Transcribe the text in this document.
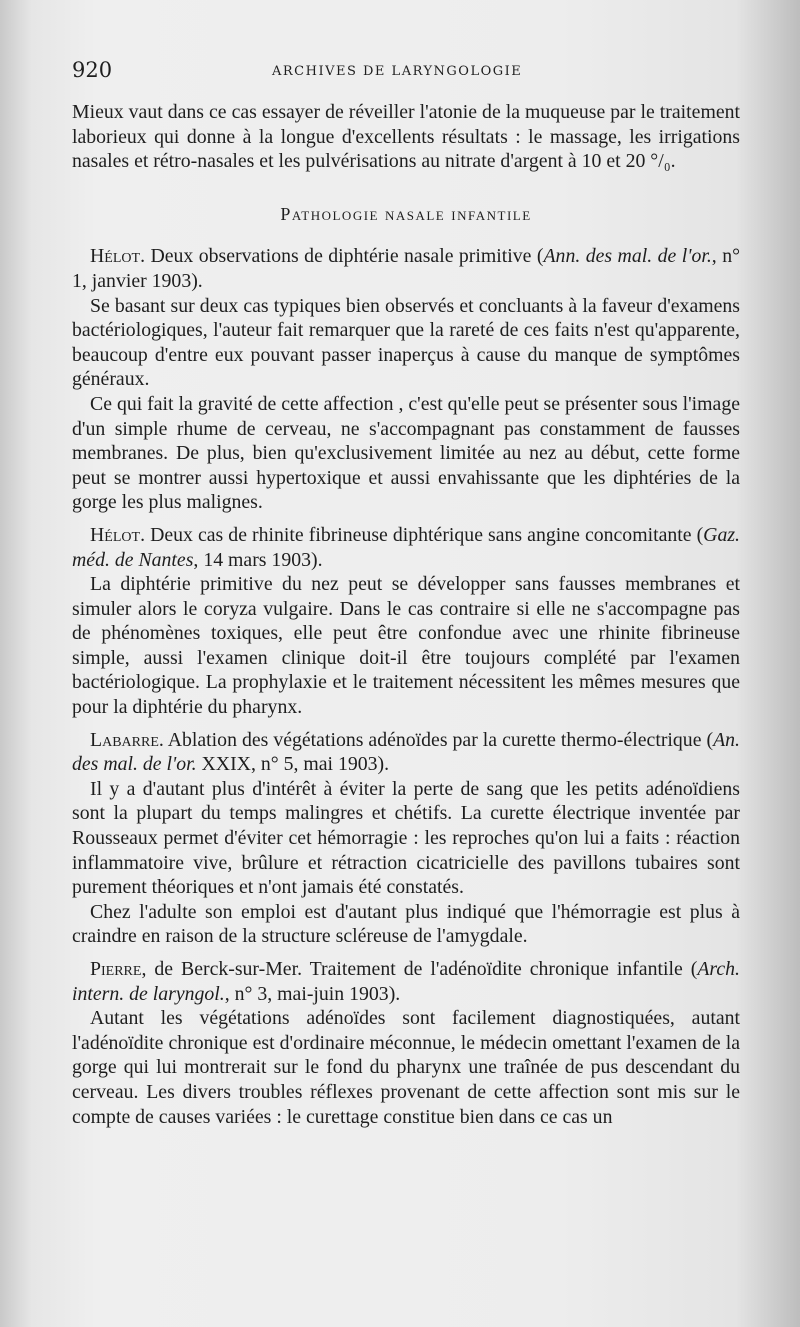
920	ARCHIVES DE LARYNGOLOGIE

Mieux vaut dans ce cas essayer de réveiller l'atonie de la muqueuse par le traitement laborieux qui donne à la longue d'excellents résultats : le massage, les irrigations nasales et rétro-nasales et les pulvérisations au nitrate d'argent à 10 et 20 °/₀.

Pathologie nasale infantile

Hélot. Deux observations de diphtérie nasale primitive (Ann. des mal. de l'or., n° 1, janvier 1903).

Se basant sur deux cas typiques bien observés et concluants à la faveur d'examens bactériologiques, l'auteur fait remarquer que la rareté de ces faits n'est qu'apparente, beaucoup d'entre eux pouvant passer inaperçus à cause du manque de symptômes généraux.

Ce qui fait la gravité de cette affection , c'est qu'elle peut se présenter sous l'image d'un simple rhume de cerveau, ne s'accompagnant pas constamment de fausses membranes. De plus, bien qu'exclusivement limitée au nez au début, cette forme peut se montrer aussi hypertoxique et aussi envahissante que les diphtéries de la gorge les plus malignes.

Hélot. Deux cas de rhinite fibrineuse diphtérique sans angine concomitante (Gaz. méd. de Nantes, 14 mars 1903).

La diphtérie primitive du nez peut se développer sans fausses membranes et simuler alors le coryza vulgaire. Dans le cas contraire si elle ne s'accompagne pas de phénomènes toxiques, elle peut être confondue avec une rhinite fibrineuse simple, aussi l'examen clinique doit-il être toujours complété par l'examen bactériologique. La prophylaxie et le traitement nécessitent les mêmes mesures que pour la diphtérie du pharynx.

Labarre. Ablation des végétations adénoïdes par la curette thermo-électrique (An. des mal. de l'or. XXIX, n° 5, mai 1903).

Il y a d'autant plus d'intérêt à éviter la perte de sang que les petits adénoïdiens sont la plupart du temps malingres et chétifs. La curette électrique inventée par Rousseaux permet d'éviter cet hémorragie : les reproches qu'on lui a faits : réaction inflammatoire vive, brûlure et rétraction cicatricielle des pavillons tubaires sont purement théoriques et n'ont jamais été constatés.

Chez l'adulte son emploi est d'autant plus indiqué que l'hémorragie est plus à craindre en raison de la structure scléreuse de l'amygdale.

Pierre, de Berck-sur-Mer. Traitement de l'adénoïdite chronique infantile (Arch. intern. de laryngol., n° 3, mai-juin 1903).

Autant les végétations adénoïdes sont facilement diagnostiquées, autant l'adénoïdite chronique est d'ordinaire méconnue, le médecin omettant l'examen de la gorge qui lui montrerait sur le fond du pharynx une traînée de pus descendant du cerveau. Les divers troubles réflexes provenant de cette affection sont mis sur le compte de causes variées : le curettage constitue bien dans ce cas un
